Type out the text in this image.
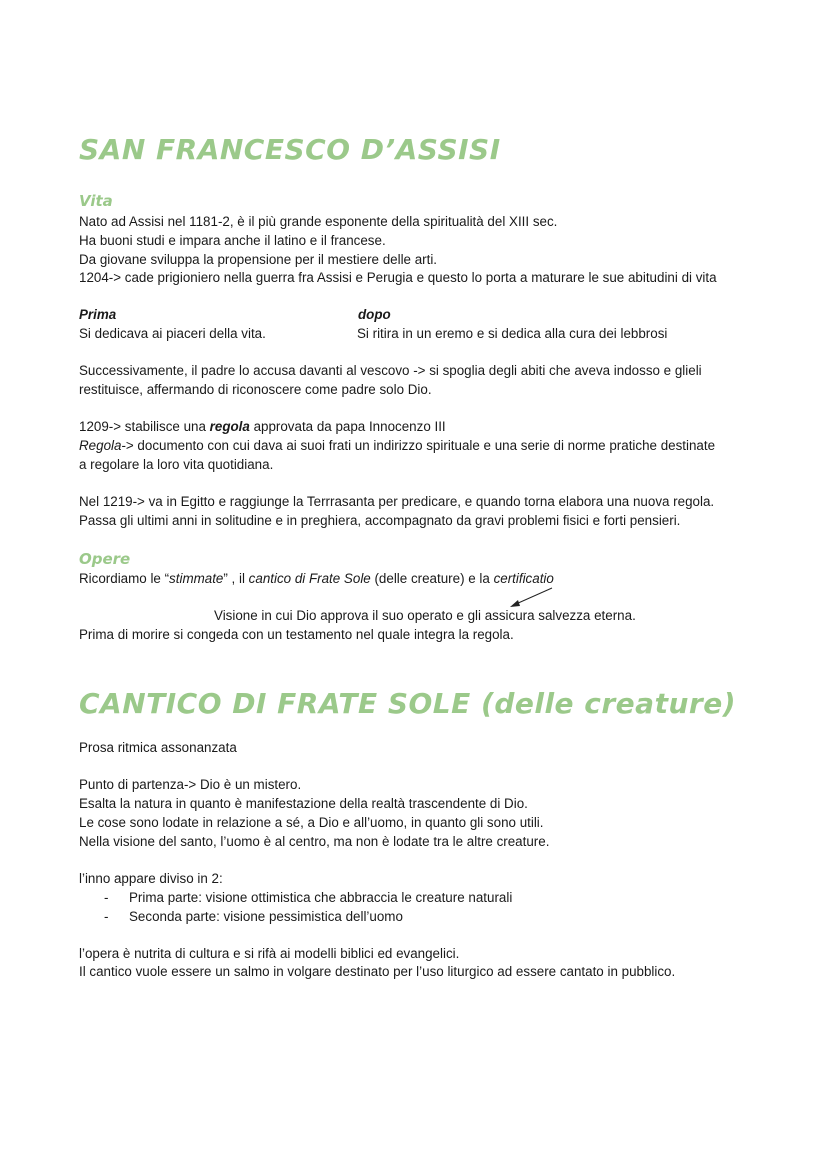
SAN FRANCESCO D’ASSISI
Vita
Nato ad Assisi nel 1181-2, è il più grande esponente della spiritualità del XIII sec.
Ha buoni studi e impara anche il latino e il francese.
Da giovane sviluppa la propensione per il mestiere delle arti.
1204-> cade prigioniero nella guerra fra Assisi e Perugia e questo lo porta a maturare le sue abitudini di vita
Prima	dopo
Si dedicava ai piaceri della vita.	Si ritira in un eremo e si dedica alla cura dei lebbrosi
Successivamente, il padre lo accusa davanti al vescovo -> si spoglia degli abiti che aveva indosso e glieli
restituisce, affermando di riconoscere come padre solo Dio.
1209-> stabilisce una regola approvata da papa Innocenzo III
Regola-> documento con cui dava ai suoi frati un indirizzo spirituale e una serie di norme pratiche destinate
a regolare la loro vita quotidiana.
Nel 1219-> va in Egitto e raggiunge la Terrrasanta per predicare, e quando torna elabora una nuova regola.
Passa gli ultimi anni in solitudine e in preghiera, accompagnato da gravi problemi fisici e forti pensieri.
Opere
Ricordiamo le “stimmate” , il cantico di Frate Sole (delle creature) e la certificatio
Visione in cui Dio approva il suo operato e gli assicura salvezza eterna.
Prima di morire si congeda con un testamento nel quale integra la regola.
CANTICO DI FRATE SOLE (delle creature)
Prosa ritmica assonanzata
Punto di partenza-> Dio è un mistero.
Esalta la natura in quanto è manifestazione della realtà trascendente di Dio.
Le cose sono lodate in relazione a sé, a Dio e all’uomo, in quanto gli sono utili.
Nella visione del santo, l’uomo è al centro, ma non è lodate tra le altre creature.
l’inno appare diviso in 2:
- Prima parte: visione ottimistica che abbraccia le creature naturali
- Seconda parte: visione pessimistica dell’uomo
l’opera è nutrita di cultura e si rifà ai modelli biblici ed evangelici.
Il cantico vuole essere un salmo in volgare destinato per l’uso liturgico ad essere cantato in pubblico.
